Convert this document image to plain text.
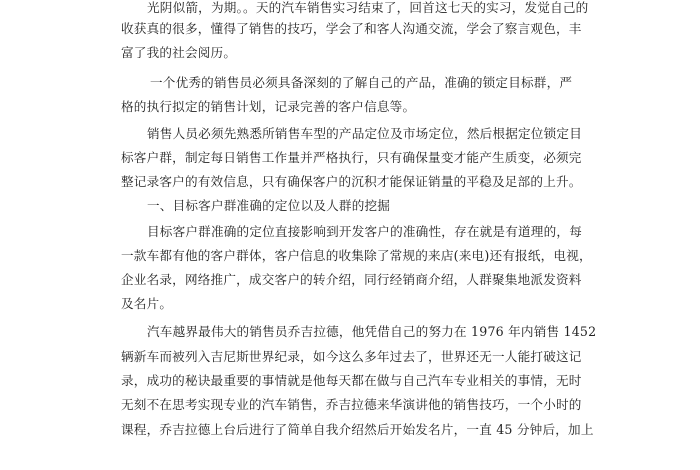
光阴似箭，为期。。天的汽车销售实习结束了，回首这七天的实习，发觉自己的
收获真的很多，懂得了销售的技巧，学会了和客人沟通交流，学会了察言观色，丰
富了我的社会阅历。
一个优秀的销售员必须具备深刻的了解自己的产品，准确的锁定目标群，严
格的执行拟定的销售计划，记录完善的客户信息等。
销售人员必须先熟悉所销售车型的产品定位及市场定位，然后根据定位锁定目
标客户群，制定每日销售工作量并严格执行，只有确保量变才能产生质变，必须完
整记录客户的有效信息，只有确保客户的沉积才能保证销量的平稳及足部的上升。
一、目标客户群准确的定位以及人群的挖掘
目标客户群准确的定位直接影响到开发客户的准确性，存在就是有道理的，每
一款车都有他的客户群体，客户信息的收集除了常规的来店(来电)还有报纸，电视，
企业名录，网络推广，成交客户的转介绍，同行经销商介绍，人群聚集地派发资料
及名片。
汽车越界最伟大的销售员乔吉拉德，他凭借自己的努力在 1976 年内销售 1452
辆新车而被列入吉尼斯世界纪录，如今这么多年过去了，世界还无一人能打破这记
录，成功的秘诀最重要的事情就是他每天都在做与自己汽车专业相关的事情，无时
无刻不在思考实现专业的汽车销售，乔吉拉德来华演讲他的销售技巧，一个小时的
课程，乔吉拉德上台后进行了简单自我介绍然后开始发名片，一直 45 分钟后，加上
